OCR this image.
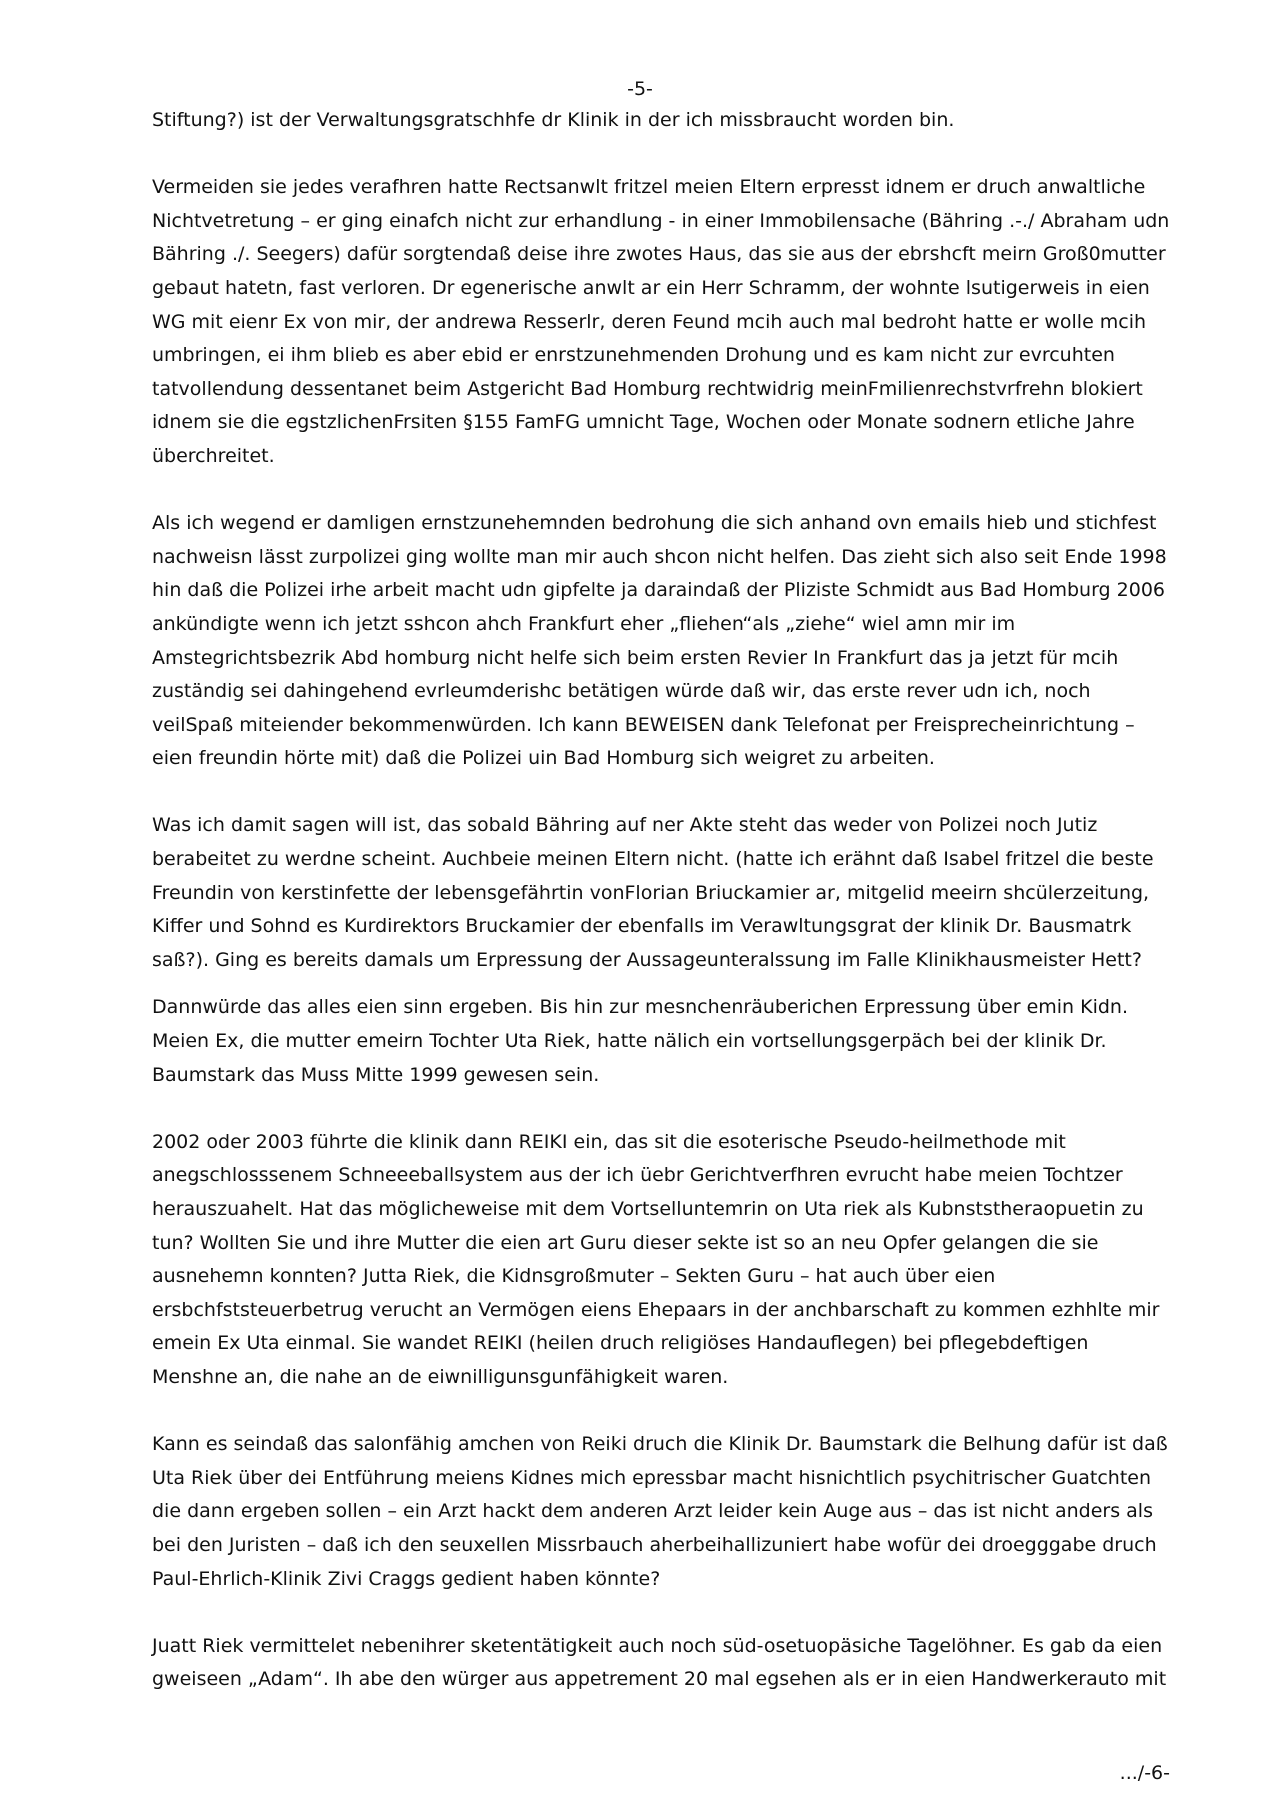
-5-

Stiftung?) ist der Verwaltungsgratschhfe dr Klinik in der ich missbraucht worden bin.

Vermeiden sie jedes verafhren hatte Rectsanwlt fritzel meien Eltern erpresst idnem er druch anwaltliche Nichtvetretung – er ging einafch nicht zur erhandlung - in einer Immobilensache (Bähring .-./ Abraham udn Bähring ./. Seegers) dafür sorgtendaß deise ihre zwotes Haus, das sie aus der ebrshcft meirn Groß0mutter gebaut hatetn, fast verloren. Dr egenerische anwlt ar ein Herr Schramm, der wohnte lsutigerweis in eien WG mit eienr Ex von mir, der andrewa Resserlr, deren Feund mcih auch mal bedroht hatte er wolle mcih umbringen, ei ihm blieb es aber ebid er enrstzunehmenden Drohung und es kam nicht zur evrcuhten tatvollendung dessentanet beim Astgericht Bad Homburg rechtwidrig meinFmilienrechstvrfrehn blokiert idnem sie die egstzlichenFrsiten §155 FamFG umnicht Tage, Wochen oder Monate sodnern etliche Jahre überchreitet.

Als ich wegend er damligen ernstzunehemnden bedrohung die sich anhand ovn emails hieb und stichfest nachweisn lässt zurpolizei ging wollte man mir auch shcon nicht helfen. Das zieht sich also seit Ende 1998 hin daß die Polizei irhe arbeit macht udn gipfelte ja daraindaß der Pliziste Schmidt aus Bad Homburg 2006 ankündigte wenn ich jetzt sshcon ahch Frankfurt eher „fliehen“als „ziehe“ wiel amn mir im Amstegrichtsbezrik Abd homburg nicht helfe sich beim ersten Revier In Frankfurt das ja jetzt für mcih zuständig sei dahingehend evrleumderishc betätigen würde daß wir, das erste rever udn ich, noch veilSpaß miteiender bekommenwürden. Ich kann BEWEISEN dank Telefonat per Freisprecheinrichtung – eien freundin hörte mit) daß die Polizei uin Bad Homburg sich weigret zu arbeiten.

Was ich damit sagen will ist, das sobald Bähring auf ner Akte steht das weder von Polizei noch Jutiz berabeitet zu werdne scheint. Auchbeie meinen Eltern nicht. (hatte ich erähnt daß Isabel fritzel die beste Freundin von kerstinfette der lebensgefährtin vonFlorian Briuckamier ar, mitgelid meeirn shcülerzeitung, Kiffer und Sohnd es Kurdirektors Bruckamier der ebenfalls im Verawltungsgrat der klinik Dr. Bausmatrk saß?). Ging es bereits damals um Erpressung der Aussageunteralssung im Falle Klinikhausmeister Hett?

Dannwürde das alles eien sinn ergeben. Bis hin zur mesnchenräuberichen Erpressung über emin Kidn. Meien Ex, die mutter emeirn Tochter Uta Riek, hatte nälich ein vortsellungsgerpäch bei der klinik Dr. Baumstark das Muss Mitte 1999 gewesen sein.

2002 oder 2003 führte die klinik dann REIKI ein, das sit die esoterische Pseudo-heilmethode mit anegschlosssenem Schneeeballsystem aus der ich üebr Gerichtverfhren evrucht habe meien Tochtzer herauszuahelt. Hat das möglicheweise mit dem Vortselluntemrin on Uta riek als Kubnststheraopuetin zu tun? Wollten Sie und ihre Mutter die eien art Guru dieser sekte ist so an neu Opfer gelangen die sie ausnehemn konnten? Jutta Riek, die Kidnsgroßmuter – Sekten Guru – hat auch über eien ersbchfststeuerbetrug verucht an Vermögen eiens Ehepaars in der anchbarschaft zu kommen ezhhlte mir emein Ex Uta einmal. Sie wandet REIKI (heilen druch religiöses Handauflegen) bei pflegebdeftigen Menshne an, die nahe an de eiwnilligunsgunfähigkeit waren.

Kann es seindaß das salonfähig amchen von Reiki druch die Klinik Dr. Baumstark die Belhung dafür ist daß Uta Riek über dei Entführung meiens Kidnes mich epressbar macht hisnichtlich psychitrischer Guatchten die dann ergeben sollen – ein Arzt hackt dem anderen Arzt leider kein Auge aus – das ist nicht anders als bei den Juristen – daß ich den seuxellen Missrbauch aherbeihallizuniert habe wofür dei droegggabe druch Paul-Ehrlich-Klinik Zivi Craggs gedient haben könnte?

Juatt Riek vermittelet nebenihrer sketentätigkeit auch noch süd-osetuopäsiche Tagelöhner. Es gab da eien gweiseen „Adam“. Ih abe den würger aus appetrement 20 mal egsehen als er in eien Handwerkerauto mit

.../-6-
